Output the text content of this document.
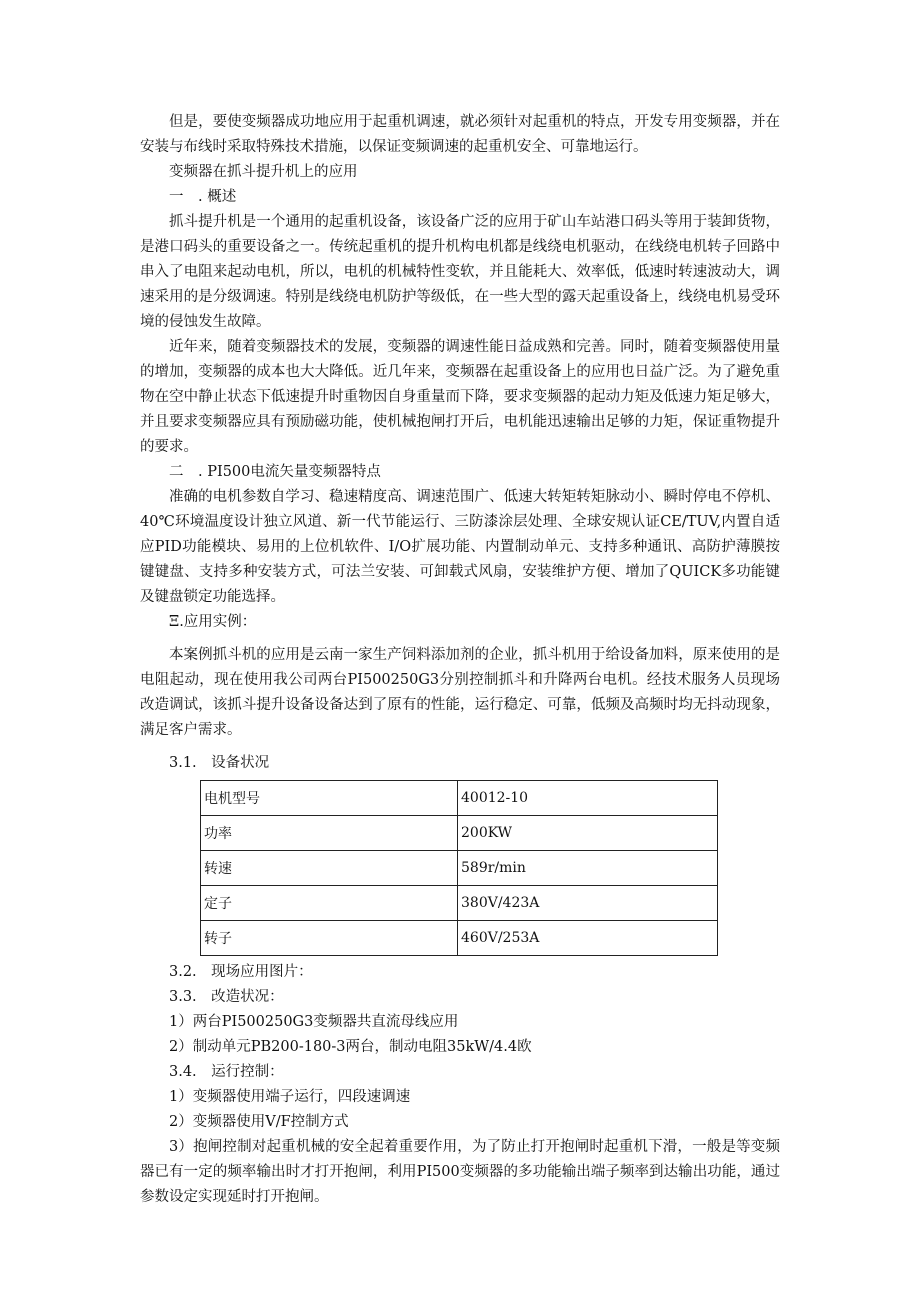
但是，要使变频器成功地应用于起重机调速，就必须针对起重机的特点，开发专用变频器，并在安装与布线时采取特殊技术措施，以保证变频调速的起重机安全、可靠地运行。

变频器在抓斗提升机上的应用

一　. 概述

抓斗提升机是一个通用的起重机设备，该设备广泛的应用于矿山车站港口码头等用于装卸货物，是港口码头的重要设备之一。传统起重机的提升机构电机都是线绕电机驱动，在线绕电机转子回路中串入了电阻来起动电机，所以，电机的机械特性变软，并且能耗大、效率低，低速时转速波动大，调速采用的是分级调速。特别是线绕电机防护等级低，在一些大型的露天起重设备上，线绕电机易受环境的侵蚀发生故障。

近年来，随着变频器技术的发展，变频器的调速性能日益成熟和完善。同时，随着变频器使用量的增加，变频器的成本也大大降低。近几年来，变频器在起重设备上的应用也日益广泛。为了避免重物在空中静止状态下低速提升时重物因自身重量而下降，要求变频器的起动力矩及低速力矩足够大，并且要求变频器应具有预励磁功能，使机械抱闸打开后，电机能迅速输出足够的力矩，保证重物提升的要求。

二　. PI500电流矢量变频器特点

准确的电机参数自学习、稳速精度高、调速范围广、低速大转矩转矩脉动小、瞬时停电不停机、40℃环境温度设计独立风道、新一代节能运行、三防漆涂层处理、全球安规认证CE/TUV,内置自适应PID功能模块、易用的上位机软件、I/O扩展功能、内置制动单元、支持多种通讯、高防护薄膜按键键盘、支持多种安装方式，可法兰安装、可卸载式风扇，安装维护方便、增加了QUICK多功能键及键盘锁定功能选择。

Ξ.应用实例：

本案例抓斗机的应用是云南一家生产饲料添加剂的企业，抓斗机用于给设备加料，原来使用的是电阻起动，现在使用我公司两台PI500250G3分别控制抓斗和升降两台电机。经技术服务人员现场改造调试，该抓斗提升设备设备达到了原有的性能，运行稳定、可靠，低频及高频时均无抖动现象，满足客户需求。

3.1.　设备状况

电机型号	40012-10
功率	200KW
转速	589r/min
定子	380V/423A
转子	460V/253A

3.2.　现场应用图片：

3.3.　改造状况：

1）两台PI500250G3变频器共直流母线应用

2）制动单元PB200-180-3两台，制动电阻35kW/4.4欧

3.4.　运行控制：

1）变频器使用端子运行，四段速调速

2）变频器使用V/F控制方式

3）抱闸控制对起重机械的安全起着重要作用，为了防止打开抱闸时起重机下滑，一般是等变频器已有一定的频率输出时才打开抱闸，利用PI500变频器的多功能输出端子频率到达输出功能，通过参数设定实现延时打开抱闸。
